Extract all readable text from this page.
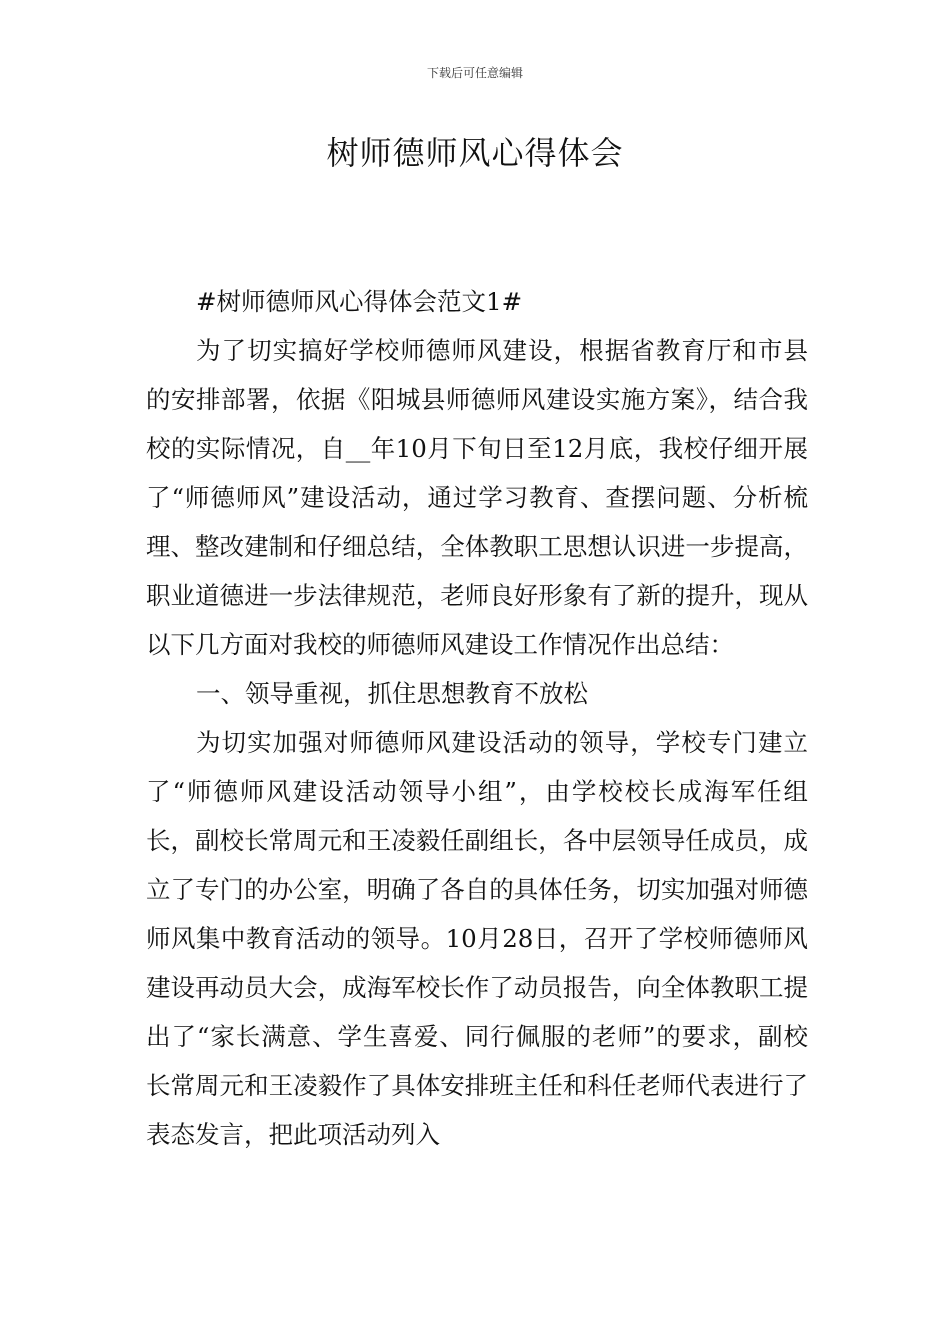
下载后可任意编辑
树师德师风心得体会

#树师德师风心得体会范文1#

为了切实搞好学校师德师风建设，根据省教育厅和市县的安排部署，依据《阳城县师德师风建设实施方案》，结合我校的实际情况，自__年10月下旬日至12月底，我校仔细开展了“师德师风”建设活动，通过学习教育、查摆问题、分析梳理、整改建制和仔细总结，全体教职工思想认识进一步提高，职业道德进一步法律规范，老师良好形象有了新的提升，现从以下几方面对我校的师德师风建设工作情况作出总结：

一、领导重视，抓住思想教育不放松

为切实加强对师德师风建设活动的领导，学校专门建立了“师德师风建设活动领导小组”，由学校校长成海军任组长，副校长常周元和王凌毅任副组长，各中层领导任成员，成立了专门的办公室，明确了各自的具体任务，切实加强对师德师风集中教育活动的领导。10月28日，召开了学校师德师风建设再动员大会，成海军校长作了动员报告，向全体教职工提出了“家长满意、学生喜爱、同行佩服的老师”的要求，副校长常周元和王凌毅作了具体安排班主任和科任老师代表进行了表态发言，把此项活动列入
